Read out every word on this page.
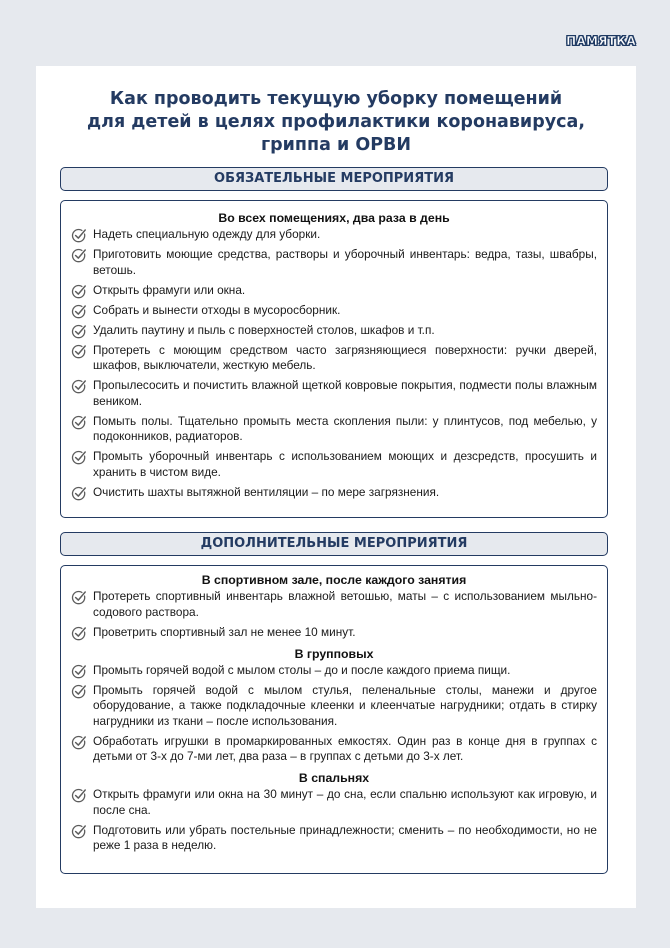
ПАМЯТКА
Как проводить текущую уборку помещений
для детей в целях профилактики коронавируса,
гриппа и ОРВИ
ОБЯЗАТЕЛЬНЫЕ МЕРОПРИЯТИЯ
Во всех помещениях, два раза в день
Надеть специальную одежду для уборки.
Приготовить моющие средства, растворы и уборочный инвентарь: ведра, тазы, швабры, ветошь.
Открыть фрамуги или окна.
Собрать и вынести отходы в мусоросборник.
Удалить паутину и пыль с поверхностей столов, шкафов и т.п.
Протереть с моющим средством часто загрязняющиеся поверхности: ручки дверей, шкафов, выключатели, жесткую мебель.
Пропылесосить и почистить влажной щеткой ковровые покрытия, подмести полы влажным веником.
Помыть полы. Тщательно промыть места скопления пыли: у плинтусов, под мебелью, у подоконников, радиаторов.
Промыть уборочный инвентарь с использованием моющих и дезсредств, просушить и хранить в чистом виде.
Очистить шахты вытяжной вентиляции – по мере загрязнения.
ДОПОЛНИТЕЛЬНЫЕ МЕРОПРИЯТИЯ
В спортивном зале, после каждого занятия
Протереть спортивный инвентарь влажной ветошью, маты – с использованием мыльно-содового раствора.
Проветрить спортивный зал не менее 10 минут.
В групповых
Промыть горячей водой с мылом столы – до и после каждого приема пищи.
Промыть горячей водой с мылом стулья, пеленальные столы, манежи и другое оборудование, а также подкладочные клеенки и клеенчатые нагрудники; отдать в стирку нагрудники из ткани – после использования.
Обработать игрушки в промаркированных емкостях. Один раз в конце дня в группах с детьми от 3-х до 7-ми лет, два раза – в группах с детьми до 3-х лет.
В спальнях
Открыть фрамуги или окна на 30 минут – до сна, если спальню используют как игровую, и после сна.
Подготовить или убрать постельные принадлежности; сменить – по необходимости, но не реже 1 раза в неделю.
